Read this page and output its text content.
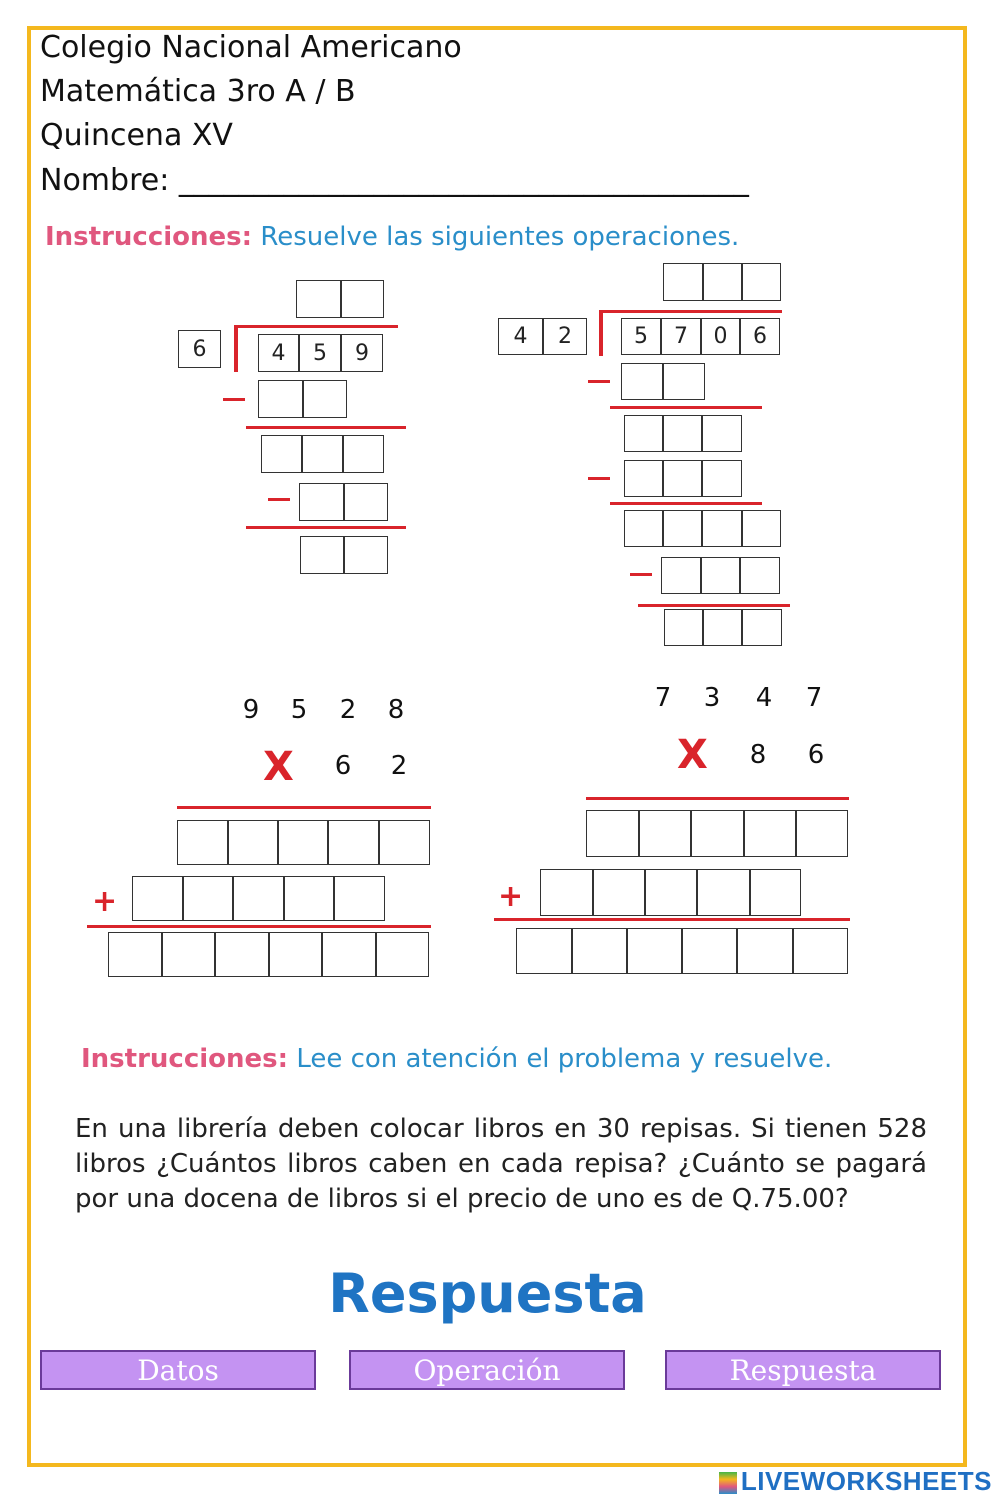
Colegio Nacional Americano
Matemática 3ro A / B
Quincena XV
Nombre: ______________________________________
Instrucciones: Resuelve las siguientes operaciones.
6	4	5	9
4	2	5	7	0	6
9 5 2 8
X 6 2
+
7 3 4 7
X 8 6
+
Instrucciones: Lee con atención el problema y resuelve.
En una librería deben colocar libros en 30 repisas. Si tienen 528 libros ¿Cuántos libros caben en cada repisa? ¿Cuánto se pagará por una docena de libros si el precio de uno es de Q.75.00?
Respuesta
Datos	Operación	Respuesta
LIVEWORKSHEETS
